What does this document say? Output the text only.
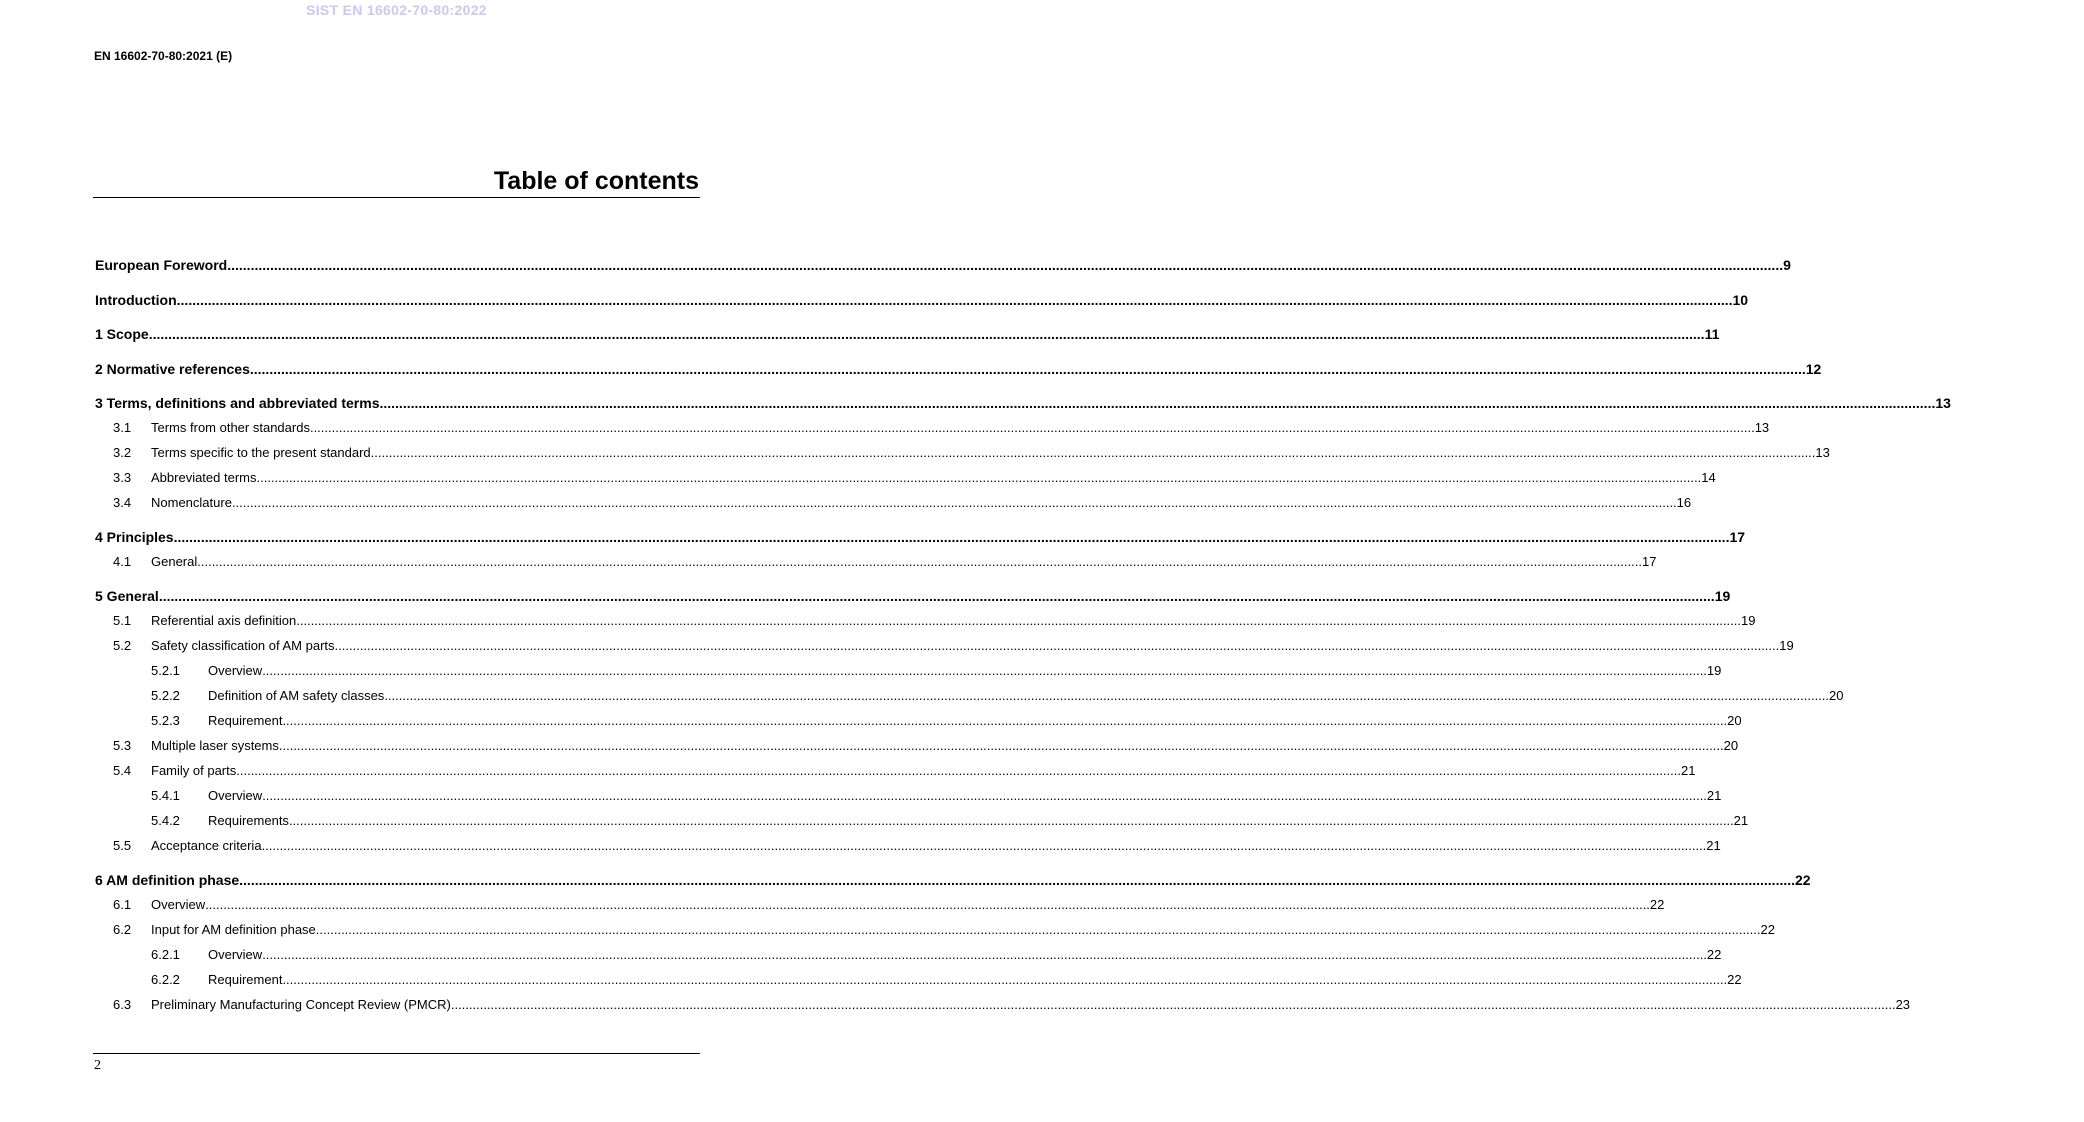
SIST EN 16602-70-80:2022
EN 16602-70-80:2021 (E)
Table of contents
European Foreword ................................................................................................................................................................................................................................................................................................................................................................................................................ 9
Introduction ................................................................................................................................................................................................................................................................................................................................................................................................................ 10
1 Scope ................................................................................................................................................................................................................................................................................................................................................................................................................ 11
2 Normative references ................................................................................................................................................................................................................................................................................................................................................................................................................ 12
3 Terms, definitions and abbreviated terms ................................................................................................................................................................................................................................................................................................................................................................................................................ 13
3.1	Terms from other standards ................................................................................................................................................................................................................................................................................................................................................................................................................ 13
3.2	Terms specific to the present standard ................................................................................................................................................................................................................................................................................................................................................................................................................ 13
3.3	Abbreviated terms ................................................................................................................................................................................................................................................................................................................................................................................................................ 14
3.4	Nomenclature ................................................................................................................................................................................................................................................................................................................................................................................................................ 16
4 Principles ................................................................................................................................................................................................................................................................................................................................................................................................................ 17
4.1	General ................................................................................................................................................................................................................................................................................................................................................................................................................ 17
5 General ................................................................................................................................................................................................................................................................................................................................................................................................................ 19
5.1	Referential axis definition ................................................................................................................................................................................................................................................................................................................................................................................................................ 19
5.2	Safety classification of AM parts ................................................................................................................................................................................................................................................................................................................................................................................................................ 19
5.2.1	Overview ................................................................................................................................................................................................................................................................................................................................................................................................................ 19
5.2.2	Definition of AM safety classes ................................................................................................................................................................................................................................................................................................................................................................................................................ 20
5.2.3	Requirement ................................................................................................................................................................................................................................................................................................................................................................................................................ 20
5.3	Multiple laser systems ................................................................................................................................................................................................................................................................................................................................................................................................................ 20
5.4	Family of parts ................................................................................................................................................................................................................................................................................................................................................................................................................ 21
5.4.1	Overview ................................................................................................................................................................................................................................................................................................................................................................................................................ 21
5.4.2	Requirements ................................................................................................................................................................................................................................................................................................................................................................................................................ 21
5.5	Acceptance criteria ................................................................................................................................................................................................................................................................................................................................................................................................................ 21
6 AM definition phase ................................................................................................................................................................................................................................................................................................................................................................................................................ 22
6.1	Overview ................................................................................................................................................................................................................................................................................................................................................................................................................ 22
6.2	Input for AM definition phase ................................................................................................................................................................................................................................................................................................................................................................................................................ 22
6.2.1	Overview ................................................................................................................................................................................................................................................................................................................................................................................................................ 22
6.2.2	Requirement ................................................................................................................................................................................................................................................................................................................................................................................................................ 22
6.3	Preliminary Manufacturing Concept Review (PMCR) ................................................................................................................................................................................................................................................................................................................................................................................................................ 23
2
